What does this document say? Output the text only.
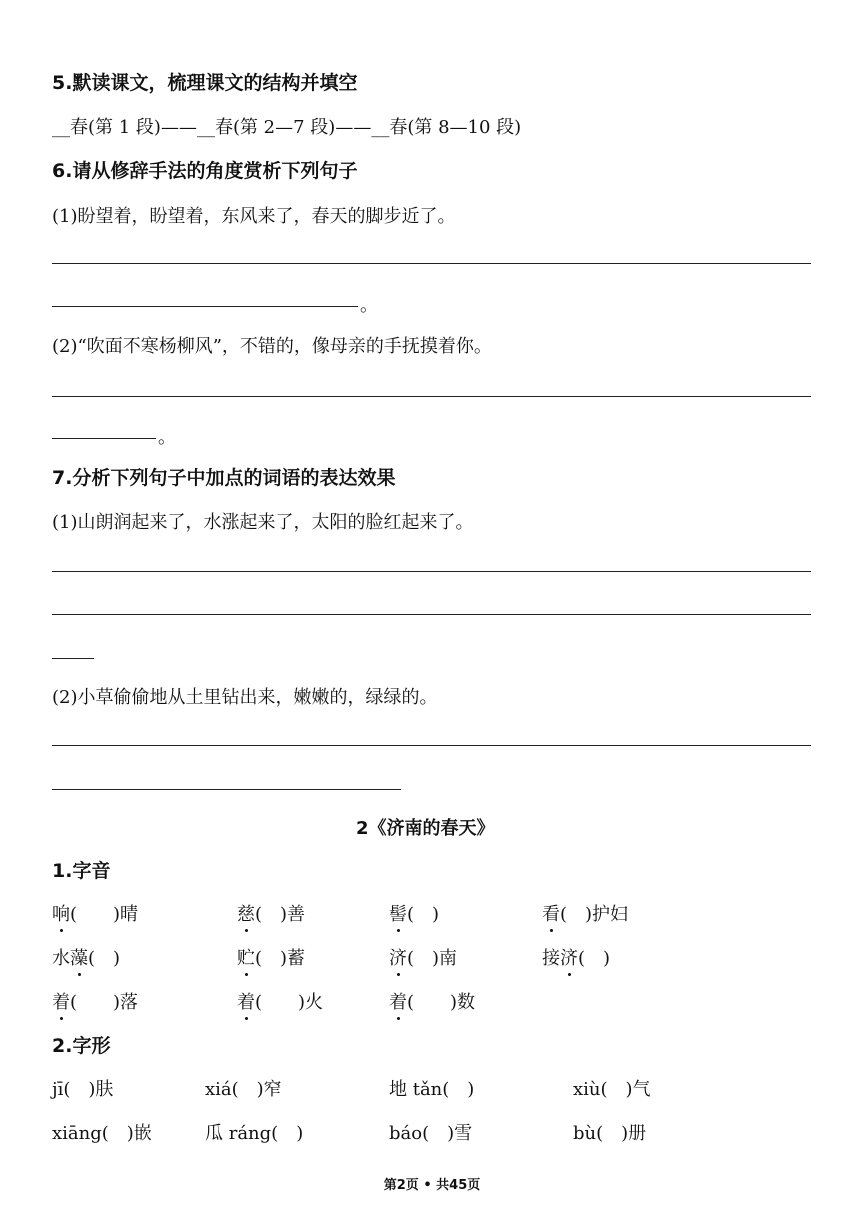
5.默读课文，梳理课文的结构并填空
__春(第 1 段)——__春(第 2—7 段)——__春(第 8—10 段)
6.请从修辞手法的角度赏析下列句子
(1)盼望着，盼望着，东风来了，春天的脚步近了。
。
(2)“吹面不寒杨柳风”，不错的，像母亲的手抚摸着你。
。
7.分析下列句子中加点的词语的表达效果
(1)山朗润起来了，水涨起来了，太阳的脸红起来了。
(2)小草偷偷地从土里钻出来，嫩嫩的，绿绿的。
2《济南的春天》
1.字音
响(　　)晴	慈(　)善	髻(　)	看(　)护妇
水藻(　)	贮(　)蓄	济(　)南	接济(　)
着(　　)落	着(　　)火	着(　　)数
2.字形
jī(　)肤	xiá(　)窄	地 tǎn(　)	xiù(　)气
xiāng(　)嵌	瓜 ráng(　)	báo(　)雪	bù(　)册
第2页 • 共45页
